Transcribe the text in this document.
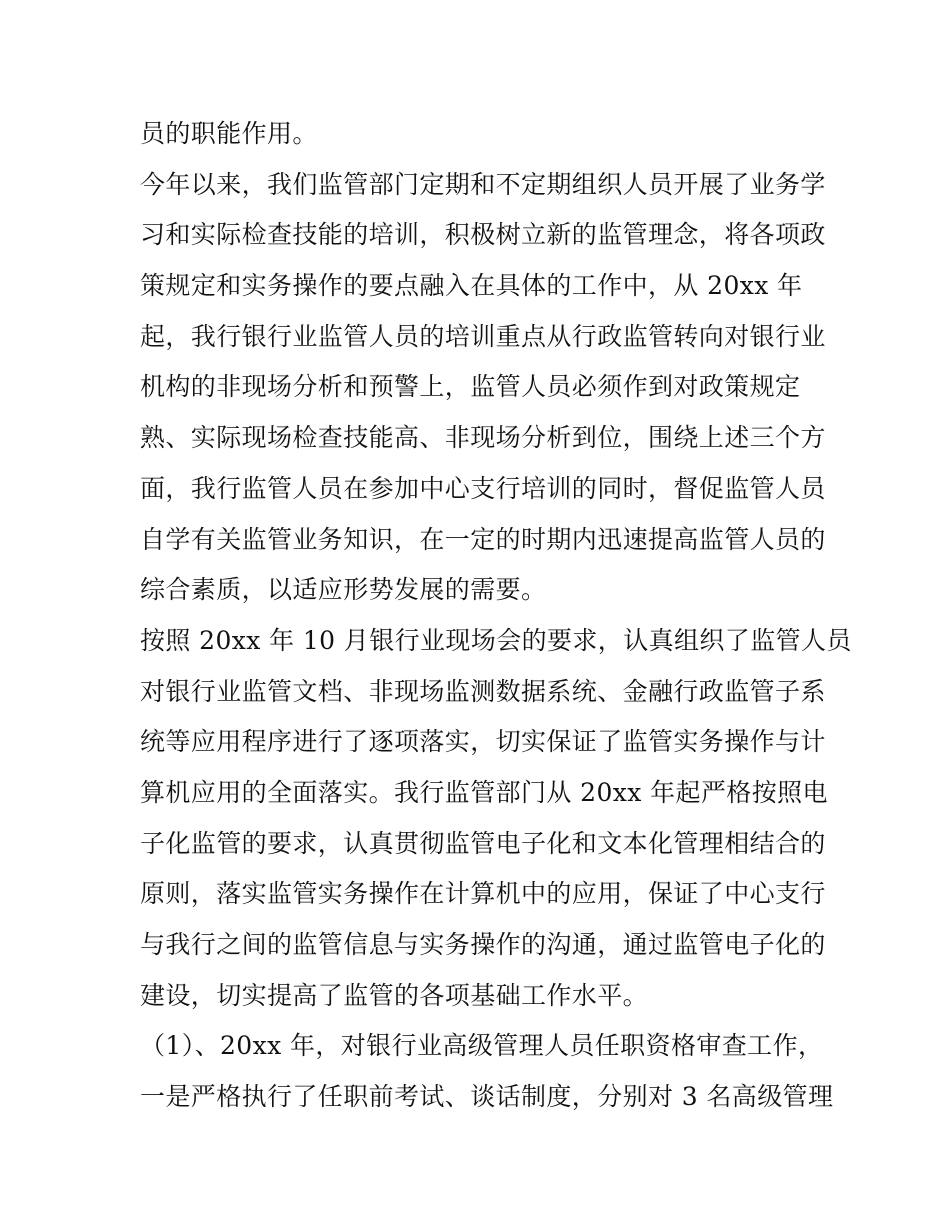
员的职能作用。
今年以来，我们监管部门定期和不定期组织人员开展了业务学
习和实际检查技能的培训，积极树立新的监管理念，将各项政
策规定和实务操作的要点融入在具体的工作中，从 20xx 年
起，我行银行业监管人员的培训重点从行政监管转向对银行业
机构的非现场分析和预警上，监管人员必须作到对政策规定
熟、实际现场检查技能高、非现场分析到位，围绕上述三个方
面，我行监管人员在参加中心支行培训的同时，督促监管人员
自学有关监管业务知识，在一定的时期内迅速提高监管人员的
综合素质，以适应形势发展的需要。
按照 20xx 年 10 月银行业现场会的要求，认真组织了监管人员
对银行业监管文档、非现场监测数据系统、金融行政监管子系
统等应用程序进行了逐项落实，切实保证了监管实务操作与计
算机应用的全面落实。我行监管部门从 20xx 年起严格按照电
子化监管的要求，认真贯彻监管电子化和文本化管理相结合的
原则，落实监管实务操作在计算机中的应用，保证了中心支行
与我行之间的监管信息与实务操作的沟通，通过监管电子化的
建设，切实提高了监管的各项基础工作水平。
（1）、20xx 年，对银行业高级管理人员任职资格审查工作，
一是严格执行了任职前考试、谈话制度，分别对 3 名高级管理
